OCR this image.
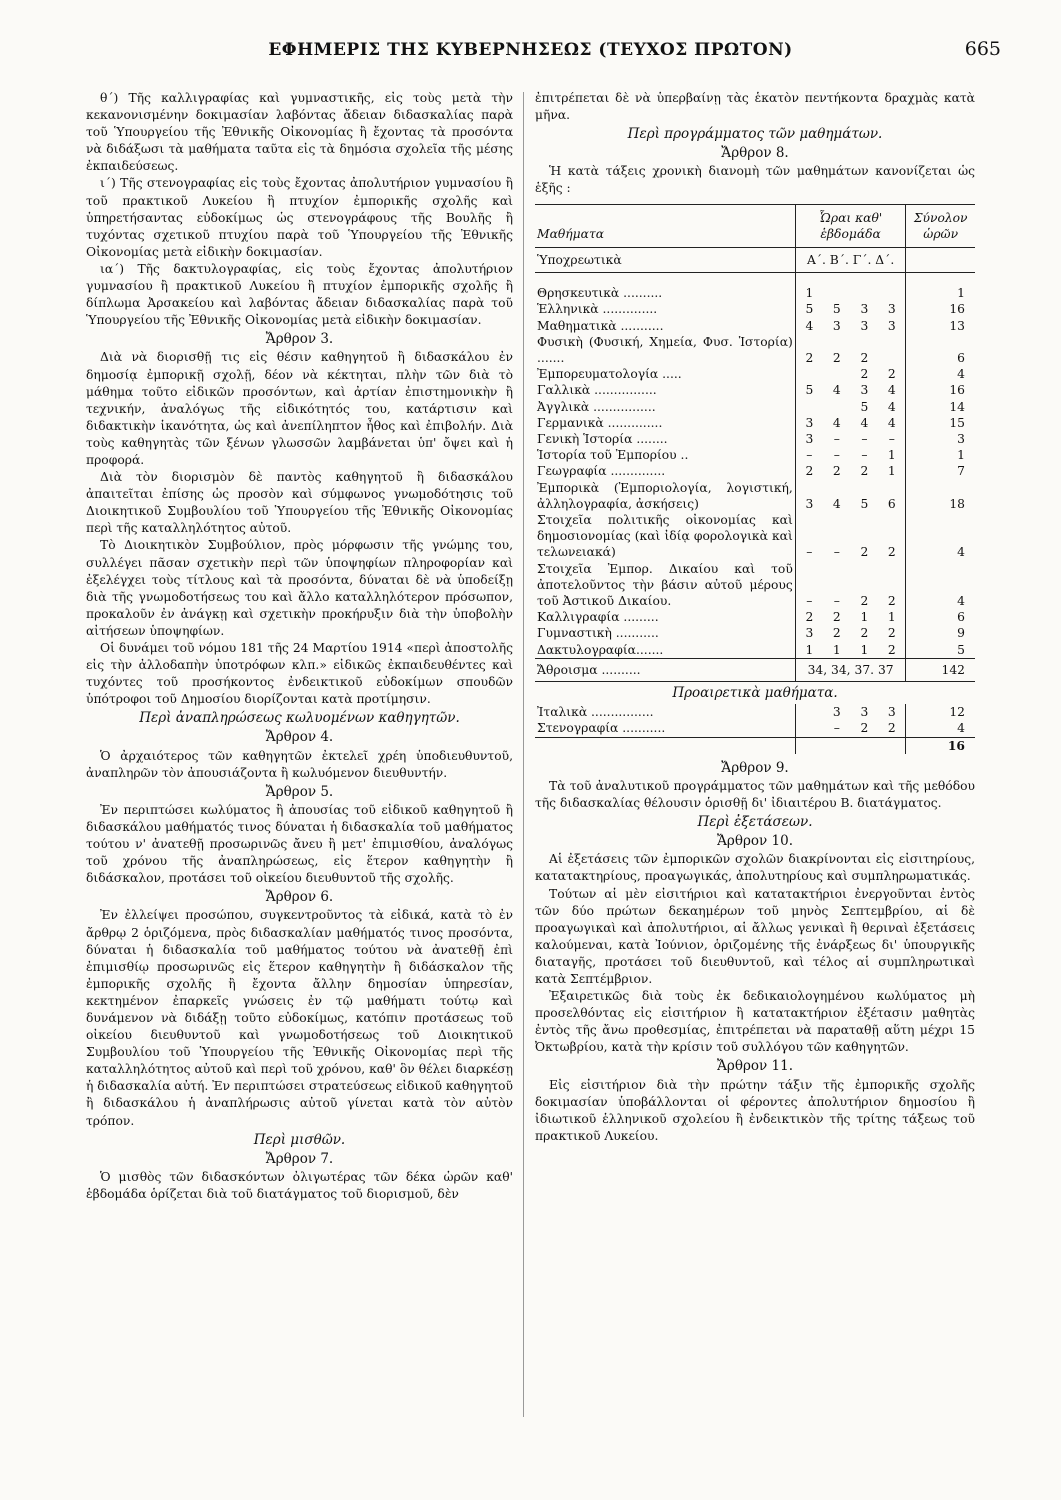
ΕΦΗΜΕΡΙΣ ΤΗΣ ΚΥΒΕΡΝΗΣΕΩΣ (ΤΕΥΧΟΣ ΠΡΩΤΟΝ)	665

θ΄) Τῆς καλλιγραφίας καὶ γυμναστικῆς, εἰς τοὺς μετὰ τὴν κεκανονισμένην δοκιμασίαν λαβόντας ἄδειαν διδασκαλίας παρὰ τοῦ Ὑπουργείου τῆς Ἐθνικῆς Οἰκονομίας ἢ ἔχοντας τὰ προσόντα νὰ διδάξωσι τὰ μαθήματα ταῦτα εἰς τὰ δημόσια σχολεῖα τῆς μέσης ἐκπαιδεύσεως.

ι΄) Τῆς στενογραφίας εἰς τοὺς ἔχοντας ἀπολυτήριον γυμνασίου ἢ τοῦ πρακτικοῦ Λυκείου ἢ πτυχίον ἐμπορικῆς σχολῆς καὶ ὑπηρετήσαντας εὐδοκίμως ὡς στενογράφους τῆς Βουλῆς ἢ τυχόντας σχετικοῦ πτυχίου παρὰ τοῦ Ὑπουργείου τῆς Ἐθνικῆς Οἰκονομίας μετὰ εἰδικὴν δοκιμασίαν.

ια΄) Τῆς δακτυλογραφίας, εἰς τοὺς ἔχοντας ἀπολυτήριον γυμνασίου ἢ πρακτικοῦ Λυκείου ἢ πτυχίον ἐμπορικῆς σχολῆς ἢ δίπλωμα Ἀρσακείου καὶ λαβόντας ἄδειαν διδασκαλίας παρὰ τοῦ Ὑπουργείου τῆς Ἐθνικῆς Οἰκονομίας μετὰ εἰδικὴν δοκιμασίαν.

Ἄρθρον 3.

Διὰ νὰ διορισθῇ τις εἰς θέσιν καθηγητοῦ ἢ διδασκάλου ἐν δημοσίᾳ ἐμπορικῇ σχολῇ, δέον νὰ κέκτηται, πλὴν τῶν διὰ τὸ μάθημα τοῦτο εἰδικῶν προσόντων, καὶ ἀρτίαν ἐπιστημονικὴν ἢ τεχνικήν, ἀναλόγως τῆς εἰδικότητός του, κατάρτισιν καὶ διδακτικὴν ἱκανότητα, ὡς καὶ ἀνεπίληπτον ἦθος καὶ ἐπιβολήν. Διὰ τοὺς καθηγητὰς τῶν ξένων γλωσσῶν λαμβάνεται ὑπ' ὄψει καὶ ἡ προφορά.

Διὰ τὸν διορισμὸν δὲ παντὸς καθηγητοῦ ἢ διδασκάλου ἀπαιτεῖται ἐπίσης ὡς προσὸν καὶ σύμφωνος γνωμοδότησις τοῦ Διοικητικοῦ Συμβουλίου τοῦ Ὑπουργείου τῆς Ἐθνικῆς Οἰκονομίας περὶ τῆς καταλληλότητος αὐτοῦ.

Τὸ Διοικητικὸν Συμβούλιον, πρὸς μόρφωσιν τῆς γνώμης του, συλλέγει πᾶσαν σχετικὴν περὶ τῶν ὑποψηφίων πληροφορίαν καὶ ἐξελέγχει τοὺς τίτλους καὶ τὰ προσόντα, δύναται δὲ νὰ ὑποδείξῃ διὰ τῆς γνωμοδοτήσεως του καὶ ἄλλο καταλληλότερον πρόσωπον, προκαλοῦν ἐν ἀνάγκῃ καὶ σχετικὴν προκήρυξιν διὰ τὴν ὑποβολὴν αἰτήσεων ὑποψηφίων.

Οἱ δυνάμει τοῦ νόμου 181 τῆς 24 Μαρτίου 1914 «περὶ ἀποστολῆς εἰς τὴν ἀλλοδαπὴν ὑποτρόφων κλπ.» εἰδικῶς ἐκπαιδευθέντες καὶ τυχόντες τοῦ προσήκοντος ἐνδεικτικοῦ εὐδοκίμων σπουδῶν ὑπότροφοι τοῦ Δημοσίου διορίζονται κατὰ προτίμησιν.

Περὶ ἀναπληρώσεως κωλυομένων καθηγητῶν.
Ἄρθρον 4.

Ὁ ἀρχαιότερος τῶν καθηγητῶν ἐκτελεῖ χρέη ὑποδιευθυντοῦ, ἀναπληρῶν τὸν ἀπουσιάζοντα ἢ κωλυόμενον διευθυντήν.

Ἄρθρον 5.

Ἐν περιπτώσει κωλύματος ἢ ἀπουσίας τοῦ εἰδικοῦ καθηγητοῦ ἢ διδασκάλου μαθήματός τινος δύναται ἡ διδασκαλία τοῦ μαθήματος τούτου ν' ἀνατεθῇ προσωρινῶς ἄνευ ἢ μετ' ἐπιμισθίου, ἀναλόγως τοῦ χρόνου τῆς ἀναπληρώσεως, εἰς ἕτερον καθηγητὴν ἢ διδάσκαλον, προτάσει τοῦ οἰκείου διευθυντοῦ τῆς σχολῆς.

Ἄρθρον 6.

Ἐν ἐλλείψει προσώπου, συγκεντροῦντος τὰ εἰδικά, κατὰ τὸ ἐν ἄρθρῳ 2 ὁριζόμενα, πρὸς διδασκαλίαν μαθήματός τινος προσόντα, δύναται ἡ διδασκαλία τοῦ μαθήματος τούτου νὰ ἀνατεθῇ ἐπὶ ἐπιμισθίῳ προσωρινῶς εἰς ἕτερον καθηγητὴν ἢ διδάσκαλον τῆς ἐμπορικῆς σχολῆς ἢ ἔχοντα ἄλλην δημοσίαν ὑπηρεσίαν, κεκτημένον ἐπαρκεῖς γνώσεις ἐν τῷ μαθήματι τούτῳ καὶ δυνάμενον νὰ διδάξῃ τοῦτο εὐδοκίμως, κατόπιν προτάσεως τοῦ οἰκείου διευθυντοῦ καὶ γνωμοδοτήσεως τοῦ Διοικητικοῦ Συμβουλίου τοῦ Ὑπουργείου τῆς Ἐθνικῆς Οἰκονομίας περὶ τῆς καταλληλότητος αὐτοῦ καὶ περὶ τοῦ χρόνου, καθ' ὃν θέλει διαρκέσῃ ἡ διδασκαλία αὐτή. Ἐν περιπτώσει στρατεύσεως εἰδικοῦ καθηγητοῦ ἢ διδασκάλου ἡ ἀναπλήρωσις αὐτοῦ γίνεται κατὰ τὸν αὐτὸν τρόπον.

Περὶ μισθῶν.
Ἄρθρον 7.

Ὁ μισθὸς τῶν διδασκόντων ὀλιγωτέρας τῶν δέκα ὡρῶν καθ' ἑβδομάδα ὁρίζεται διὰ τοῦ διατάγματος τοῦ διορισμοῦ, δὲν

ἐπιτρέπεται δὲ νὰ ὑπερβαίνῃ τὰς ἑκατὸν πεντήκοντα δραχμὰς κατὰ μῆνα.

Περὶ προγράμματος τῶν μαθημάτων.
Ἄρθρον 8.

Ἡ κατὰ τάξεις χρονικὴ διανομὴ τῶν μαθημάτων κανονίζεται ὡς ἑξῆς :

Μαθήματα	Ὧραι καθ' ἑβδομάδα				Σύνολον ὡρῶν
Ὑποχρεωτικὰ	Α΄. Β΄. Γ΄. Δ΄.				
Θρησκευτικὰ ..........	1				1
Ἑλληνικὰ ..............	5	5	3	3	16
Μαθηματικὰ ...........	4	3	3	3	13
Φυσικὴ (Φυσική, Χημεία, Φυσ. Ἱστορία) .......	2	2	2		6
Ἐμπορευματολογία .....			2	2	4
Γαλλικὰ ................	5	4	3	4	16
Ἀγγλικὰ ................			5	4	14
Γερμανικὰ ..............	3	4	4	4	15
Γενικὴ Ἱστορία ........	3	–	–	–	3
Ἱστορία τοῦ Ἐμπορίου ..	–	–	–	1	1
Γεωγραφία ..............	2	2	2	1	7
Ἐμπορικὰ (Ἐμποριολογία, λογιστική, ἀλληλογραφία, ἀσκήσεις)	3	4	5	6	18
Στοιχεῖα πολιτικῆς οἰκονομίας καὶ δημοσιονομίας (καὶ ἰδίᾳ φορολογικὰ καὶ τελωνειακά)	–	–	2	2	4
Στοιχεῖα Ἐμπορ. Δικαίου καὶ τοῦ ἀποτελοῦντος τὴν βάσιν αὐτοῦ μέρους τοῦ Ἀστικοῦ Δικαίου.	–	–	2	2	4
Καλλιγραφία .........	2	2	1	1	6
Γυμναστικὴ ...........	3	2	2	2	9
Δακτυλογραφία.......	1	1	1	2	5
Ἄθροισμα ..........	34, 34, 37. 37				142
Προαιρετικὰ μαθήματα.					
Ἰταλικὰ ................		3	3	3	12
Στενογραφία ...........		–	2	2	4
					16
Ἄρθρον 9.

Τὰ τοῦ ἀναλυτικοῦ προγράμματος τῶν μαθημάτων καὶ τῆς μεθόδου τῆς διδασκαλίας θέλουσιν ὁρισθῇ δι' ἰδιαιτέρου Β. διατάγματος.

Περὶ ἐξετάσεων.
Ἄρθρον 10.

Αἱ ἐξετάσεις τῶν ἐμπορικῶν σχολῶν διακρίνονται εἰς εἰσιτηρίους, κατατακτηρίους, προαγωγικάς, ἀπολυτηρίους καὶ συμπληρωματικάς.

Τούτων αἱ μὲν εἰσιτήριοι καὶ κατατακτήριοι ἐνεργοῦνται ἐντὸς τῶν δύο πρώτων δεκαημέρων τοῦ μηνὸς Σεπτεμβρίου, αἱ δὲ προαγωγικαὶ καὶ ἀπολυτήριοι, αἱ ἄλλως γενικαὶ ἢ θεριναὶ ἐξετάσεις καλούμεναι, κατὰ Ἰούνιον, ὁριζομένης τῆς ἐνάρξεως δι' ὑπουργικῆς διαταγῆς, προτάσει τοῦ διευθυντοῦ, καὶ τέλος αἱ συμπληρωτικαὶ κατὰ Σεπτέμβριον.

Ἐξαιρετικῶς διὰ τοὺς ἐκ δεδικαιολογημένου κωλύματος μὴ προσελθόντας εἰς εἰσιτήριον ἢ κατατακτήριον ἐξέτασιν μαθητὰς ἐντὸς τῆς ἄνω προθεσμίας, ἐπιτρέπεται νὰ παραταθῇ αὕτη μέχρι 15 Ὀκτωβρίου, κατὰ τὴν κρίσιν τοῦ συλλόγου τῶν καθηγητῶν.

Ἄρθρον 11.

Εἰς εἰσιτήριον διὰ τὴν πρώτην τάξιν τῆς ἐμπορικῆς σχολῆς δοκιμασίαν ὑποβάλλονται οἱ φέροντες ἀπολυτήριον δημοσίου ἢ ἰδιωτικοῦ ἑλληνικοῦ σχολείου ἢ ἐνδεικτικὸν τῆς τρίτης τάξεως τοῦ πρακτικοῦ Λυκείου.
